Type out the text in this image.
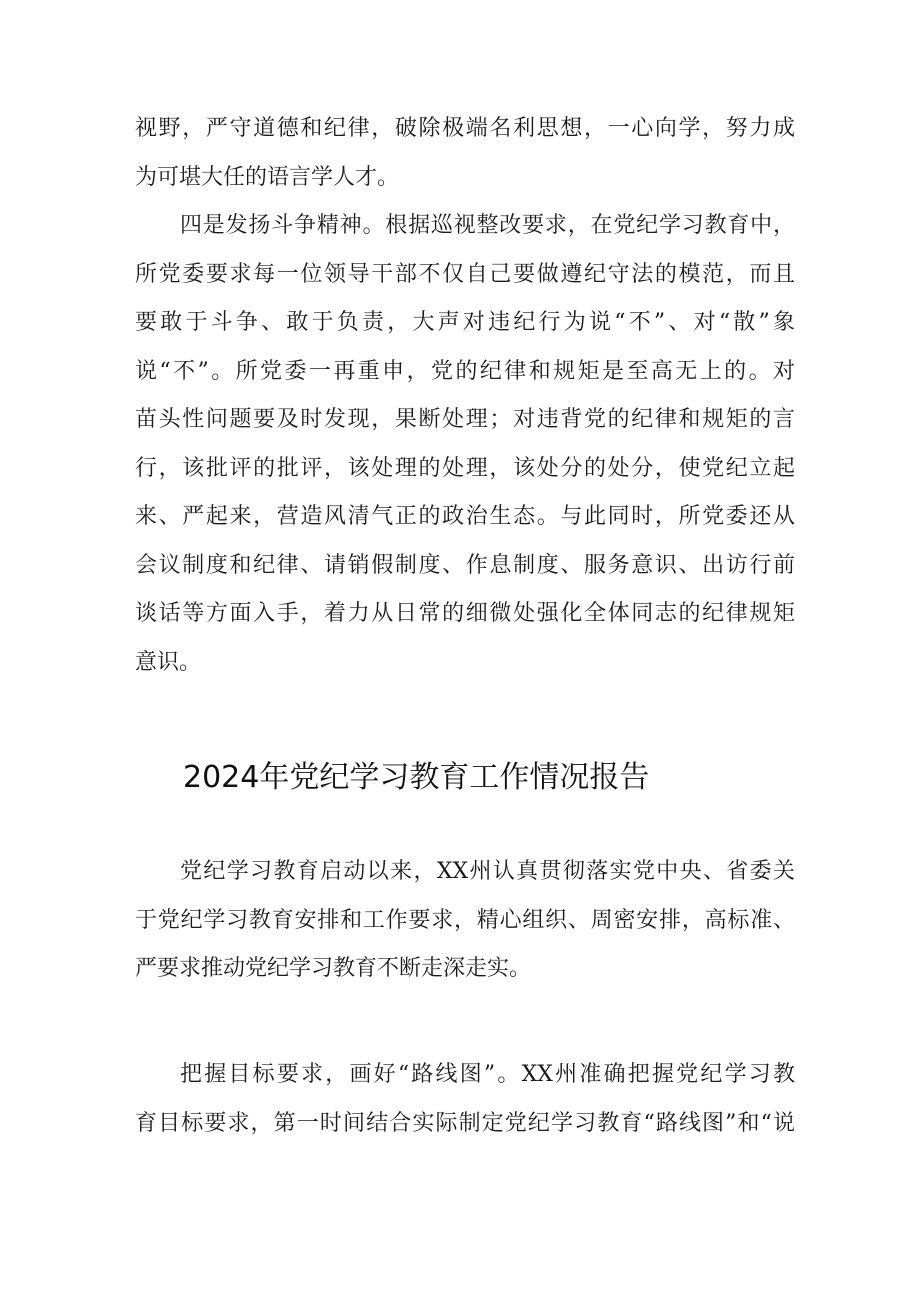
视野，严守道德和纪律，破除极端名利思想，一心向学，努力成
为可堪大任的语言学人才。
四是发扬斗争精神。根据巡视整改要求，在党纪学习教育中，
所党委要求每一位领导干部不仅自己要做遵纪守法的模范，而且
要敢于斗争、敢于负责，大声对违纪行为说“不”、对“散”象
说“不”。所党委一再重申，党的纪律和规矩是至高无上的。对
苗头性问题要及时发现，果断处理；对违背党的纪律和规矩的言
行，该批评的批评，该处理的处理，该处分的处分，使党纪立起
来、严起来，营造风清气正的政治生态。与此同时，所党委还从
会议制度和纪律、请销假制度、作息制度、服务意识、出访行前
谈话等方面入手，着力从日常的细微处强化全体同志的纪律规矩
意识。
2024年党纪学习教育工作情况报告
党纪学习教育启动以来，XX州认真贯彻落实党中央、省委关
于党纪学习教育安排和工作要求，精心组织、周密安排，高标准、
严要求推动党纪学习教育不断走深走实。
把握目标要求，画好“路线图”。XX州准确把握党纪学习教
育目标要求，第一时间结合实际制定党纪学习教育“路线图”和“说
